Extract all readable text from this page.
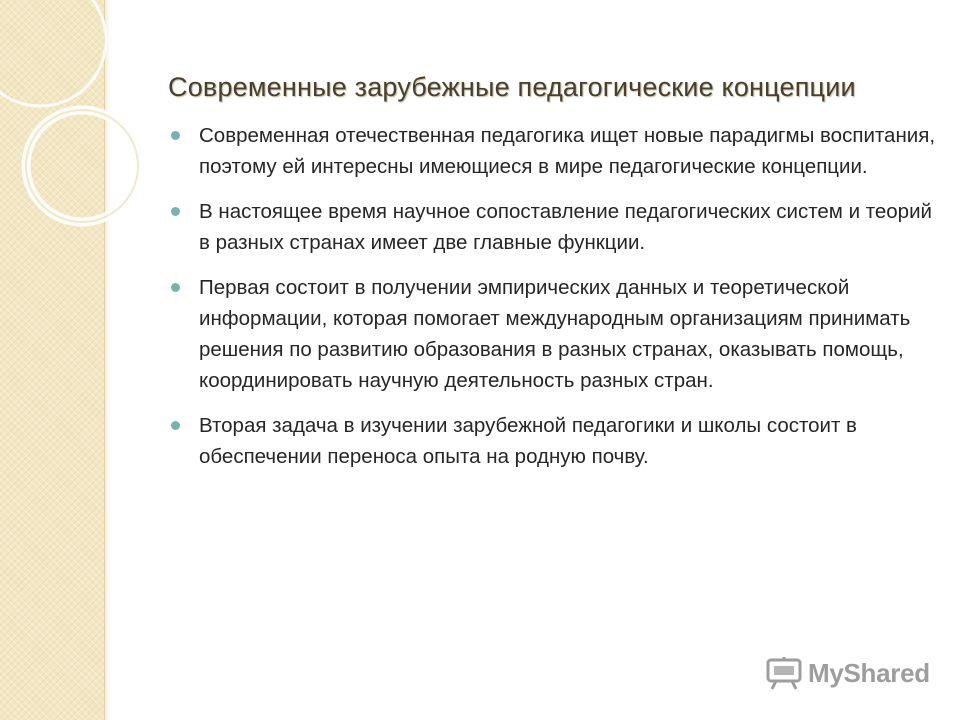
Современные зарубежные педагогические концепции
Современная отечественная педагогика ищет новые парадигмы воспитания, поэтому ей интересны имеющиеся в мире педагогические концепции.
В настоящее время научное сопоставление педагогических систем и теорий в разных странах имеет две главные функции.
Первая состоит в получении эмпирических данных и теоретической информации, которая помогает международным организациям принимать решения по развитию образования в разных странах, оказывать помощь, координировать научную деятельность разных стран.
Вторая задача в изучении зарубежной педагогики и школы состоит в обеспечении переноса опыта на родную почву.
MyShared
